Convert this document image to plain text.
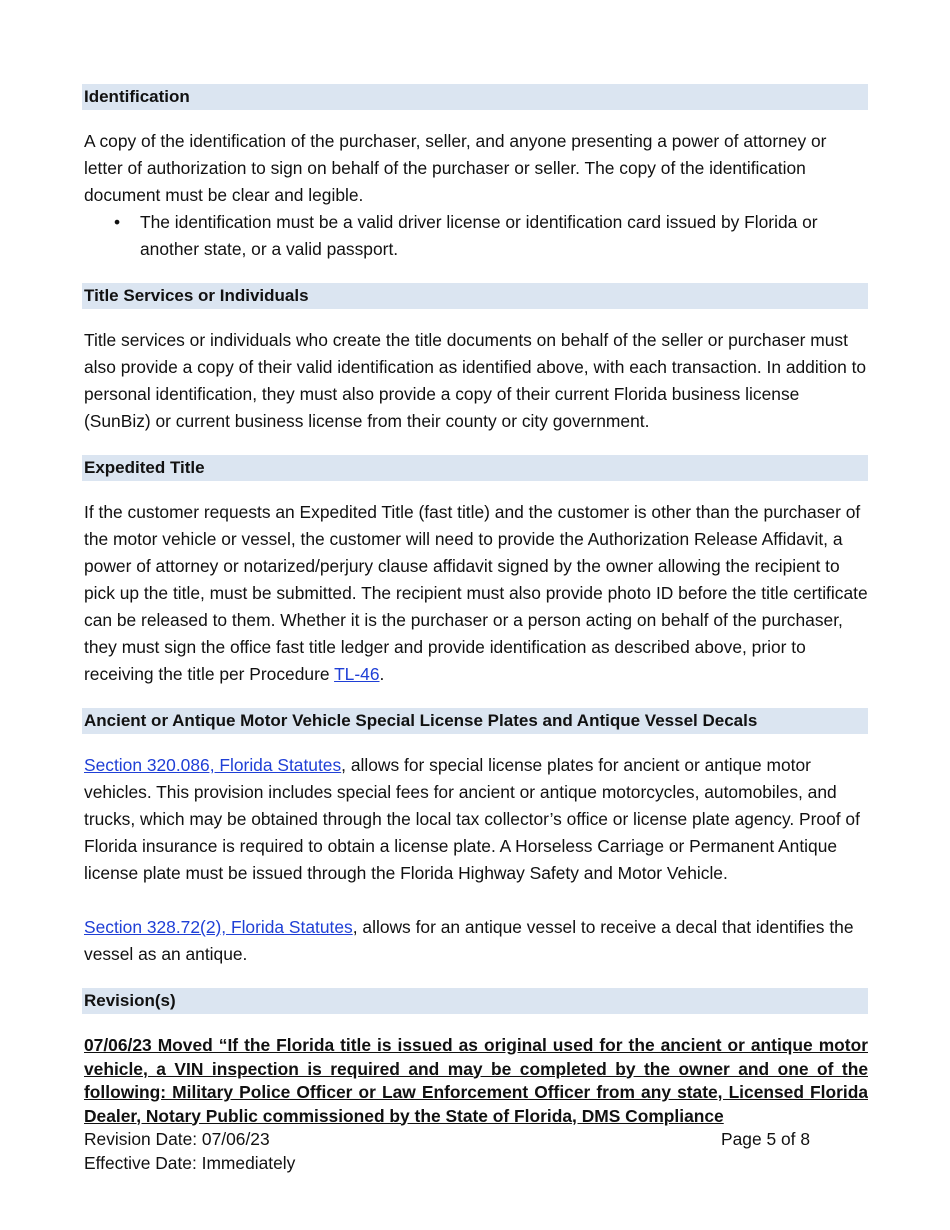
Identification

A copy of the identification of the purchaser, seller, and anyone presenting a power of attorney or letter of authorization to sign on behalf of the purchaser or seller. The copy of the identification document must be clear and legible.

• The identification must be a valid driver license or identification card issued by Florida or another state, or a valid passport.
Title Services or Individuals

Title services or individuals who create the title documents on behalf of the seller or purchaser must also provide a copy of their valid identification as identified above, with each transaction. In addition to personal identification, they must also provide a copy of their current Florida business license (SunBiz) or current business license from their county or city government.

Expedited Title

If the customer requests an Expedited Title (fast title) and the customer is other than the purchaser of the motor vehicle or vessel, the customer will need to provide the Authorization Release Affidavit, a power of attorney or notarized/perjury clause affidavit signed by the owner allowing the recipient to pick up the title, must be submitted. The recipient must also provide photo ID before the title certificate can be released to them. Whether it is the purchaser or a person acting on behalf of the purchaser, they must sign the office fast title ledger and provide identification as described above, prior to receiving the title per Procedure TL-46.

Ancient or Antique Motor Vehicle Special License Plates and Antique Vessel Decals

Section 320.086, Florida Statutes, allows for special license plates for ancient or antique motor vehicles. This provision includes special fees for ancient or antique motorcycles, automobiles, and trucks, which may be obtained through the local tax collector’s office or license plate agency. Proof of Florida insurance is required to obtain a license plate. A Horseless Carriage or Permanent Antique license plate must be issued through the Florida Highway Safety and Motor Vehicle.

Section 328.72(2), Florida Statutes, allows for an antique vessel to receive a decal that identifies the vessel as an antique.

Revision(s)
07/06/23 Moved “If the Florida title is issued as original used for the ancient or antique motor vehicle, a VIN inspection is required and may be completed by the owner and one of the following: Military Police Officer or Law Enforcement Officer from any state, Licensed Florida Dealer, Notary Public commissioned by the State of Florida, DMS Compliance
Revision Date: 07/06/23	Page 5 of 8
Effective Date: Immediately
